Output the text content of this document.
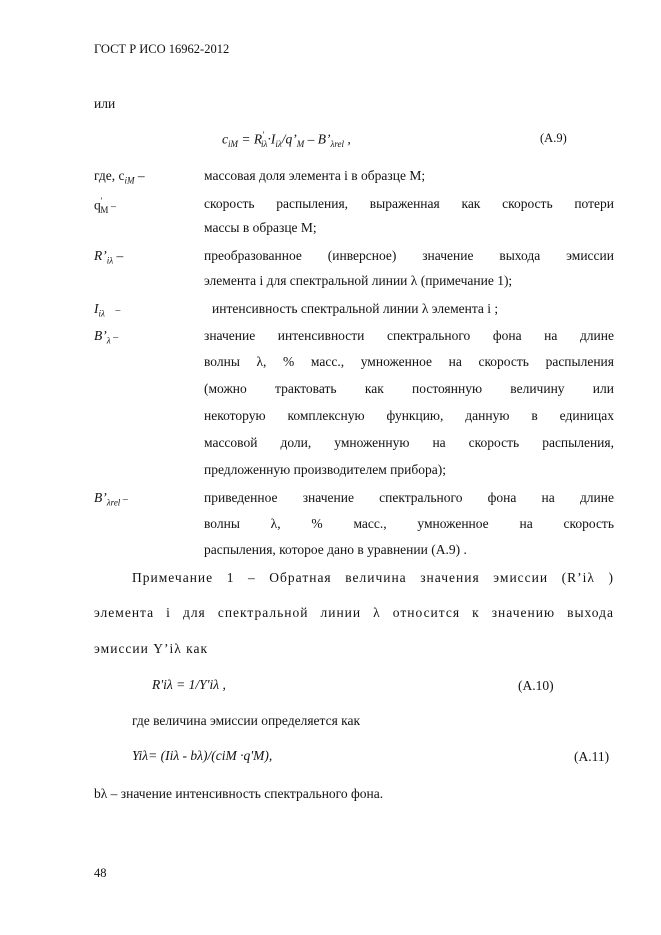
ГОСТ Р ИСО 16962-2012
или
$c_{iM}$ = $R'_{i\lambda}\cdot I_{i\lambda}/q’_M$ – $B’_{\lambda rel}$ ,	(А.9)
где, $c_{iM}$ –	массовая доля элемента i в образце M;
$q'_M$ –	скорость распыления, выраженная как скорость потери
массы в образце M;
$R’_{i\lambda}$ –	преобразованное (инверсное) значение выхода эмиссии
элемента i для спектральной линии λ (примечание 1);
$I_{i\lambda}$ –	интенсивность спектральной линии λ элемента i ;
$B’_\lambda$ –	значение интенсивности спектрального фона на длине
волны λ, % масс., умноженное на скорость распыления
(можно трактовать как постоянную величину или
некоторую комплексную функцию, данную в единицах
массовой доли, умноженную на скорость распыления,
предложенную производителем прибора);
$B’_{\lambda rel}$ –	приведенное значение спектрального фона на длине
волны λ, % масс., умноженное на скорость
распыления, которое дано в уравнении (А.9) .
Примечание 1 – Обратная величина значения эмиссии (R’iλ )
элемента i для спектральной линии λ относится к значению выхода
эмиссии Y’iλ как
R'iλ = 1/Y'iλ ,	(А.10)
где величина эмиссии определяется как
Yiλ= (Iiλ - bλ)/(ciM ·q'M),	(А.11)
bλ – значение интенсивность спектрального фона.
48
